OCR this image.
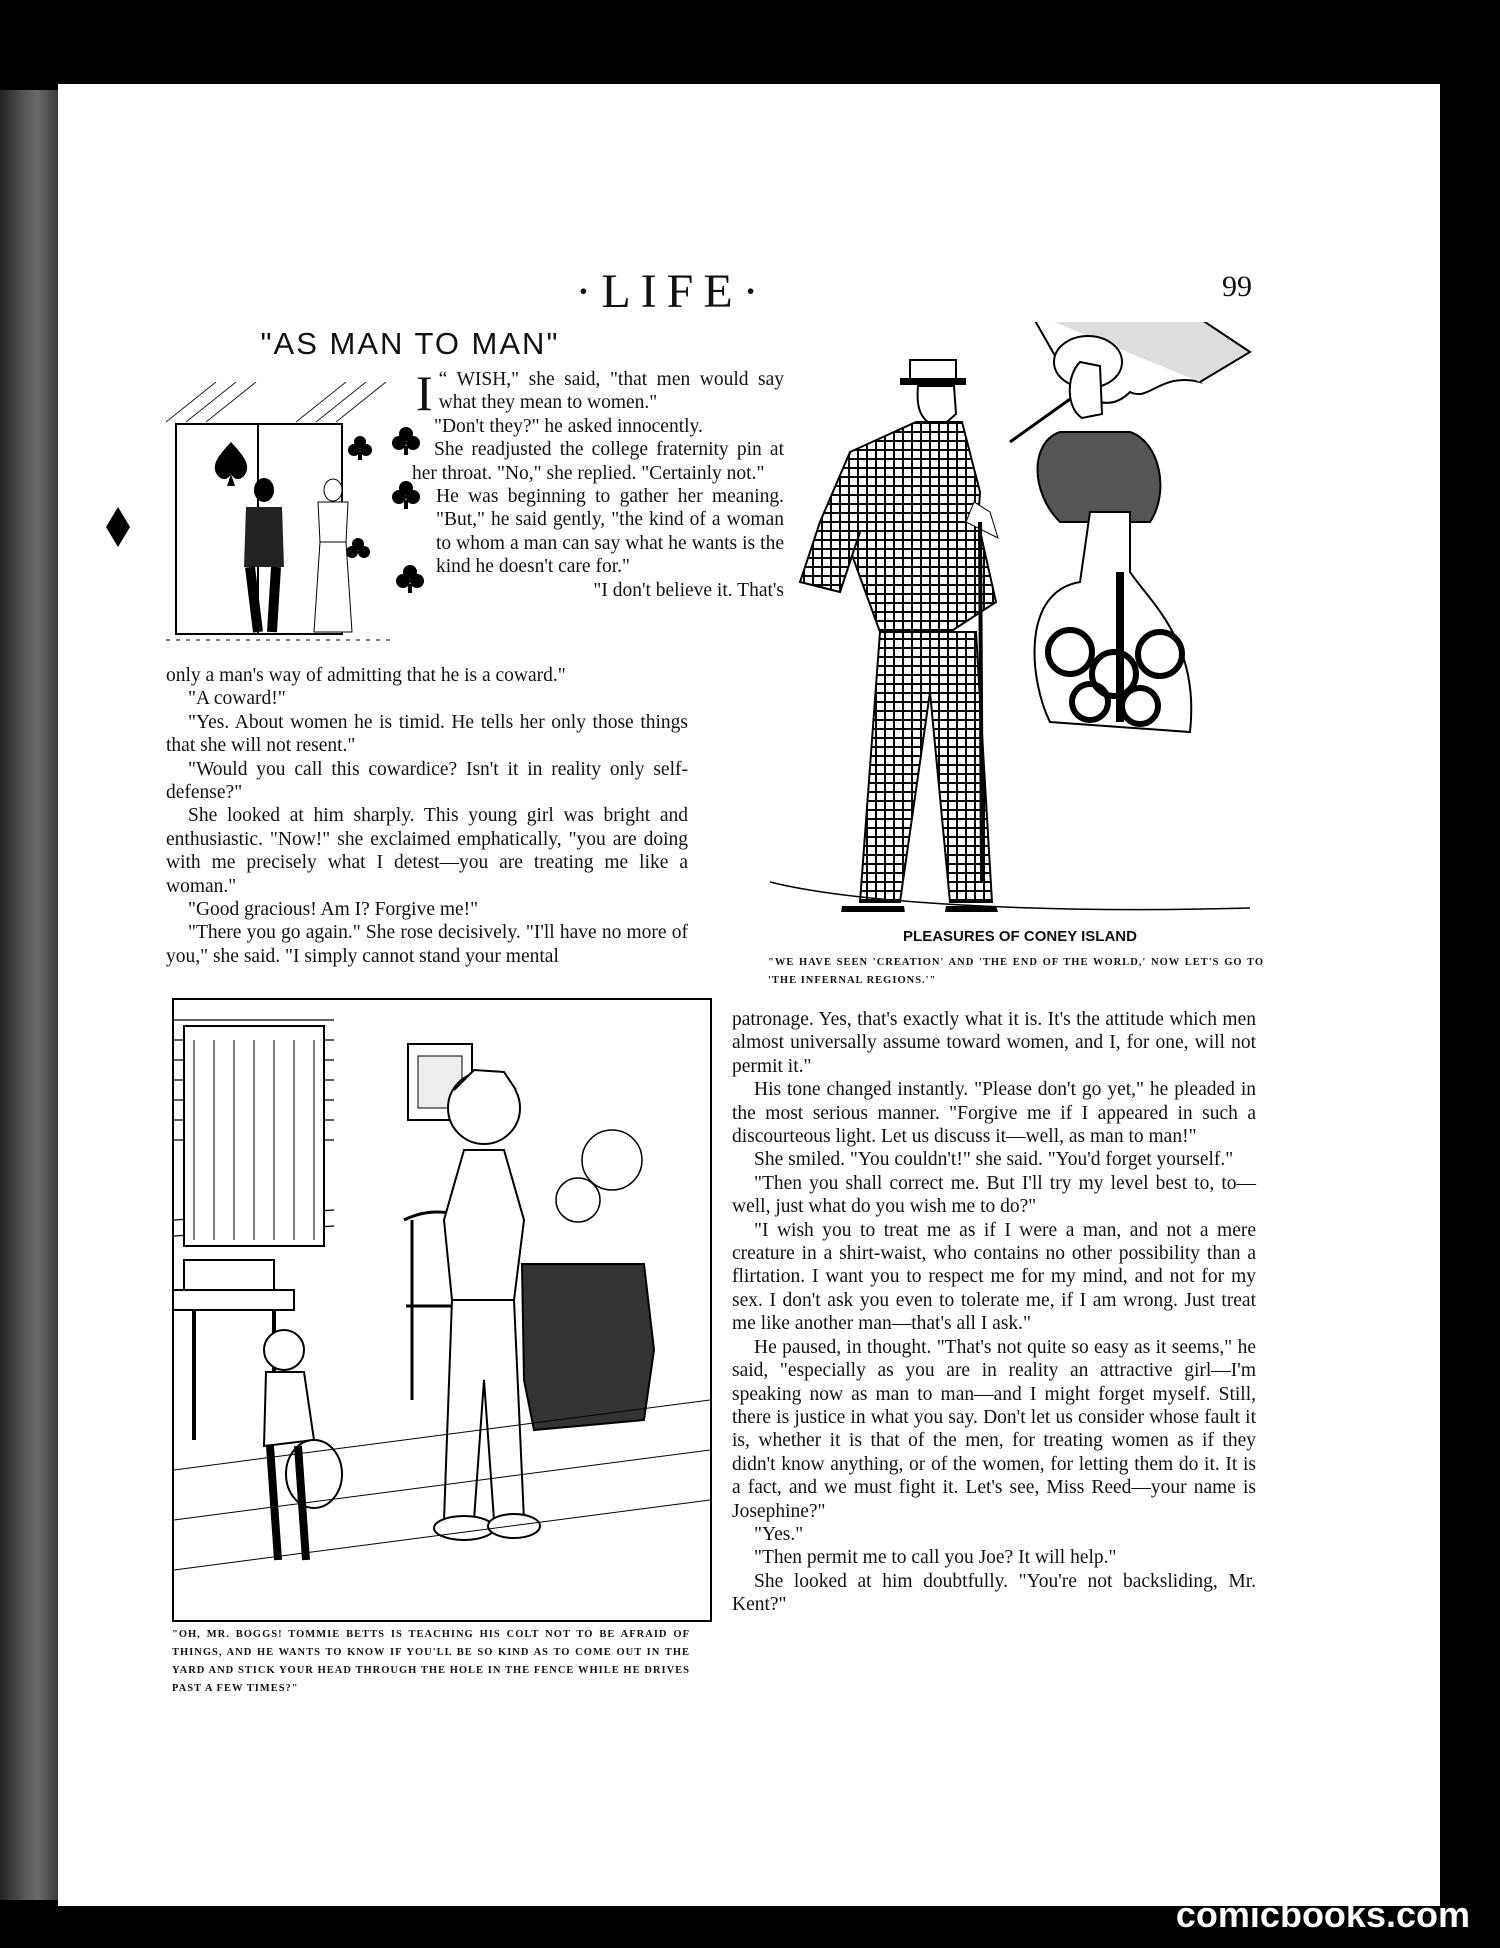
·LIFE·	99
"AS MAN TO MAN"

I “ WISH," she said, "that men would say what they mean to women."

"Don't they?" he asked innocently.

She readjusted the college fraternity pin at her throat. "No," she replied. "Certainly not."

He was beginning to gather her meaning. "But," he said gently, "the kind of a woman to whom a man can say what he wants is the kind he doesn't care for."

"I don't believe it. That's

only a man's way of admitting that he is a coward."

"A coward!"

"Yes. About women he is timid. He tells her only those things that she will not resent."

"Would you call this cowardice? Isn't it in reality only self-defense?"

She looked at him sharply. This young girl was bright and enthusiastic. "Now!" she exclaimed emphatically, "you are doing with me precisely what I detest—you are treating me like a woman."

"Good gracious! Am I? Forgive me!"

"There you go again." She rose decisively. "I'll have no more of you," she said. "I simply cannot stand your mental

PLEASURES OF CONEY ISLAND
"WE HAVE SEEN 'CREATION' AND 'THE END OF THE WORLD,' NOW LET'S GO TO 'THE INFERNAL REGIONS.'"
"OH, MR. BOGGS! TOMMIE BETTS IS TEACHING HIS COLT NOT TO BE AFRAID OF THINGS, AND HE WANTS TO KNOW IF YOU'LL BE SO KIND AS TO COME OUT IN THE YARD AND STICK YOUR HEAD THROUGH THE HOLE IN THE FENCE WHILE HE DRIVES PAST A FEW TIMES?"

patronage. Yes, that's exactly what it is. It's the attitude which men almost universally assume toward women, and I, for one, will not permit it."

His tone changed instantly. "Please don't go yet," he pleaded in the most serious manner. "Forgive me if I appeared in such a discourteous light. Let us discuss it—well, as man to man!"

She smiled. "You couldn't!" she said. "You'd forget yourself."

"Then you shall correct me. But I'll try my level best to, to—well, just what do you wish me to do?"

"I wish you to treat me as if I were a man, and not a mere creature in a shirt-waist, who contains no other possibility than a flirtation. I want you to respect me for my mind, and not for my sex. I don't ask you even to tolerate me, if I am wrong. Just treat me like another man—that's all I ask."

He paused, in thought. "That's not quite so easy as it seems," he said, "especially as you are in reality an attractive girl—I'm speaking now as man to man—and I might forget myself. Still, there is justice in what you say. Don't let us consider whose fault it is, whether it is that of the men, for treating women as if they didn't know anything, or of the women, for letting them do it. It is a fact, and we must fight it. Let's see, Miss Reed—your name is Josephine?"

"Yes."

"Then permit me to call you Joe? It will help."

She looked at him doubtfully. "You're not backsliding, Mr. Kent?"

comicbooks.com
